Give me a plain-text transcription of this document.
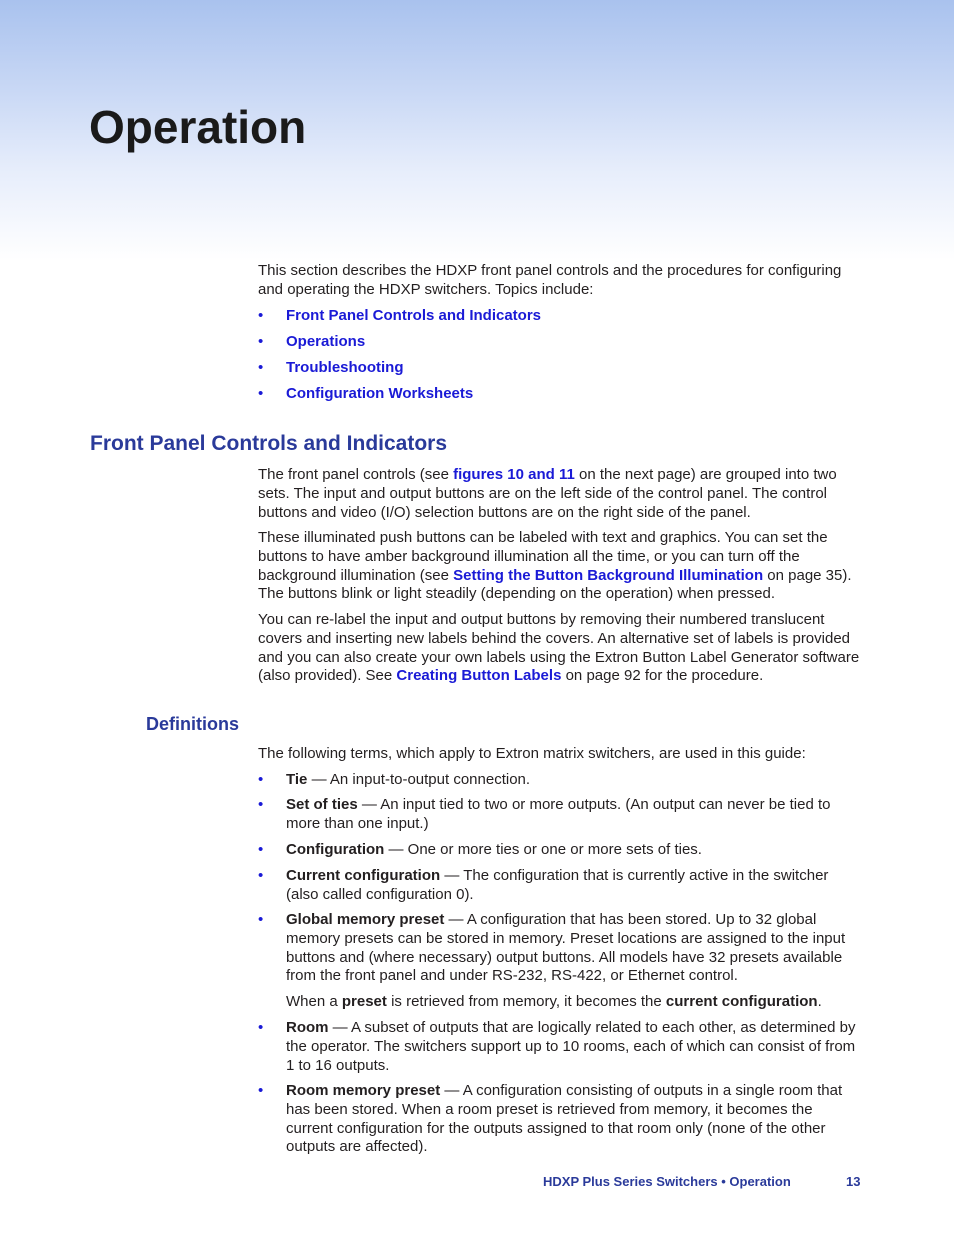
Operation

This section describes the HDXP front panel controls and the procedures for configuring and operating the HDXP switchers. Topics include:

• Front Panel Controls and Indicators
• Operations
• Troubleshooting
• Configuration Worksheets
Front Panel Controls and Indicators

The front panel controls (see figures 10 and 11 on the next page) are grouped into two sets. The input and output buttons are on the left side of the control panel. The control buttons and video (I/O) selection buttons are on the right side of the panel.

These illuminated push buttons can be labeled with text and graphics. You can set the buttons to have amber background illumination all the time, or you can turn off the background illumination (see Setting the Button Background Illumination on page 35). The buttons blink or light steadily (depending on the operation) when pressed.

You can re-label the input and output buttons by removing their numbered translucent covers and inserting new labels behind the covers. An alternative set of labels is provided and you can also create your own labels using the Extron Button Label Generator software (also provided). See Creating Button Labels on page 92 for the procedure.

Definitions

The following terms, which apply to Extron matrix switchers, are used in this guide:

• Tie — An input-to-output connection.
• Set of ties — An input tied to two or more outputs. (An output can never be tied to more than one input.)
• Configuration — One or more ties or one or more sets of ties.
• Current configuration — The configuration that is currently active in the switcher (also called configuration 0).
• Global memory preset — A configuration that has been stored. Up to 32 global memory presets can be stored in memory. Preset locations are assigned to the input buttons and (where necessary) output buttons. All models have 32 presets available from the front panel and under RS-232, RS-422, or Ethernet control.
When a preset is retrieved from memory, it becomes the current configuration.
• Room — A subset of outputs that are logically related to each other, as determined by the operator. The switchers support up to 10 rooms, each of which can consist of from 1 to 16 outputs.
• Room memory preset — A configuration consisting of outputs in a single room that has been stored. When a room preset is retrieved from memory, it becomes the current configuration for the outputs assigned to that room only (none of the other outputs are affected).
HDXP Plus Series Switchers • Operation	13
